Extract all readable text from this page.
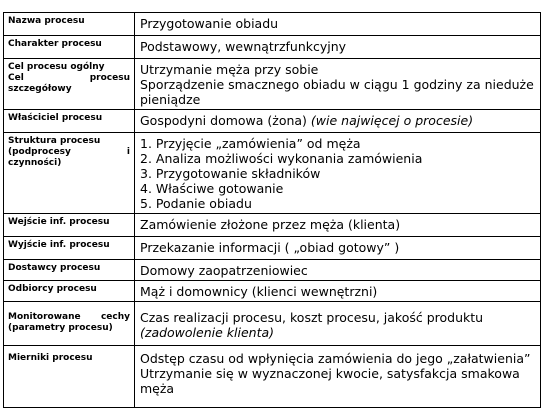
Nazwa procesu	Przygotowanie obiadu

Charakter procesu	Podstawowy, wewnątrzfunkcyjny

Cel procesu ogólny
Cel procesu
szczegółowy	Utrzymanie męża przy sobie
Sporządzenie smacznego obiadu w ciągu 1 godziny za niedużе
pieniądze

Właściciel procesu	Gospodyni domowa (żona) (wie najwięcej o procesie)

Struktura procesu
(podprocesy i
czynności)	1. Przyjęcie „zamówienia” od męża
2. Analiza możliwości wykonania zamówienia
3. Przygotowanie składników
4. Właściwe gotowanie
5. Podanie obiadu

Wejście inf. procesu	Zamówienie złożone przez męża (klienta)

Wyjście inf. procesu	Przekazanie informacji ( „obiad gotowy” )

Dostawcy procesu	Domowy zaopatrzeniowiec

Odbiorcy procesu	Mąż i domownicy (klienci wewnętrzni)

Monitorowane cechy
(parametry procesu)	Czas realizacji procesu, koszt procesu, jakość produktu
(zadowolenie klienta)

Mierniki procesu	Odstęp czasu od wpłynięcia zamówienia do jego „załatwienia”
Utrzymanie się w wyznaczonej kwocie, satysfakcja smakowa męża
